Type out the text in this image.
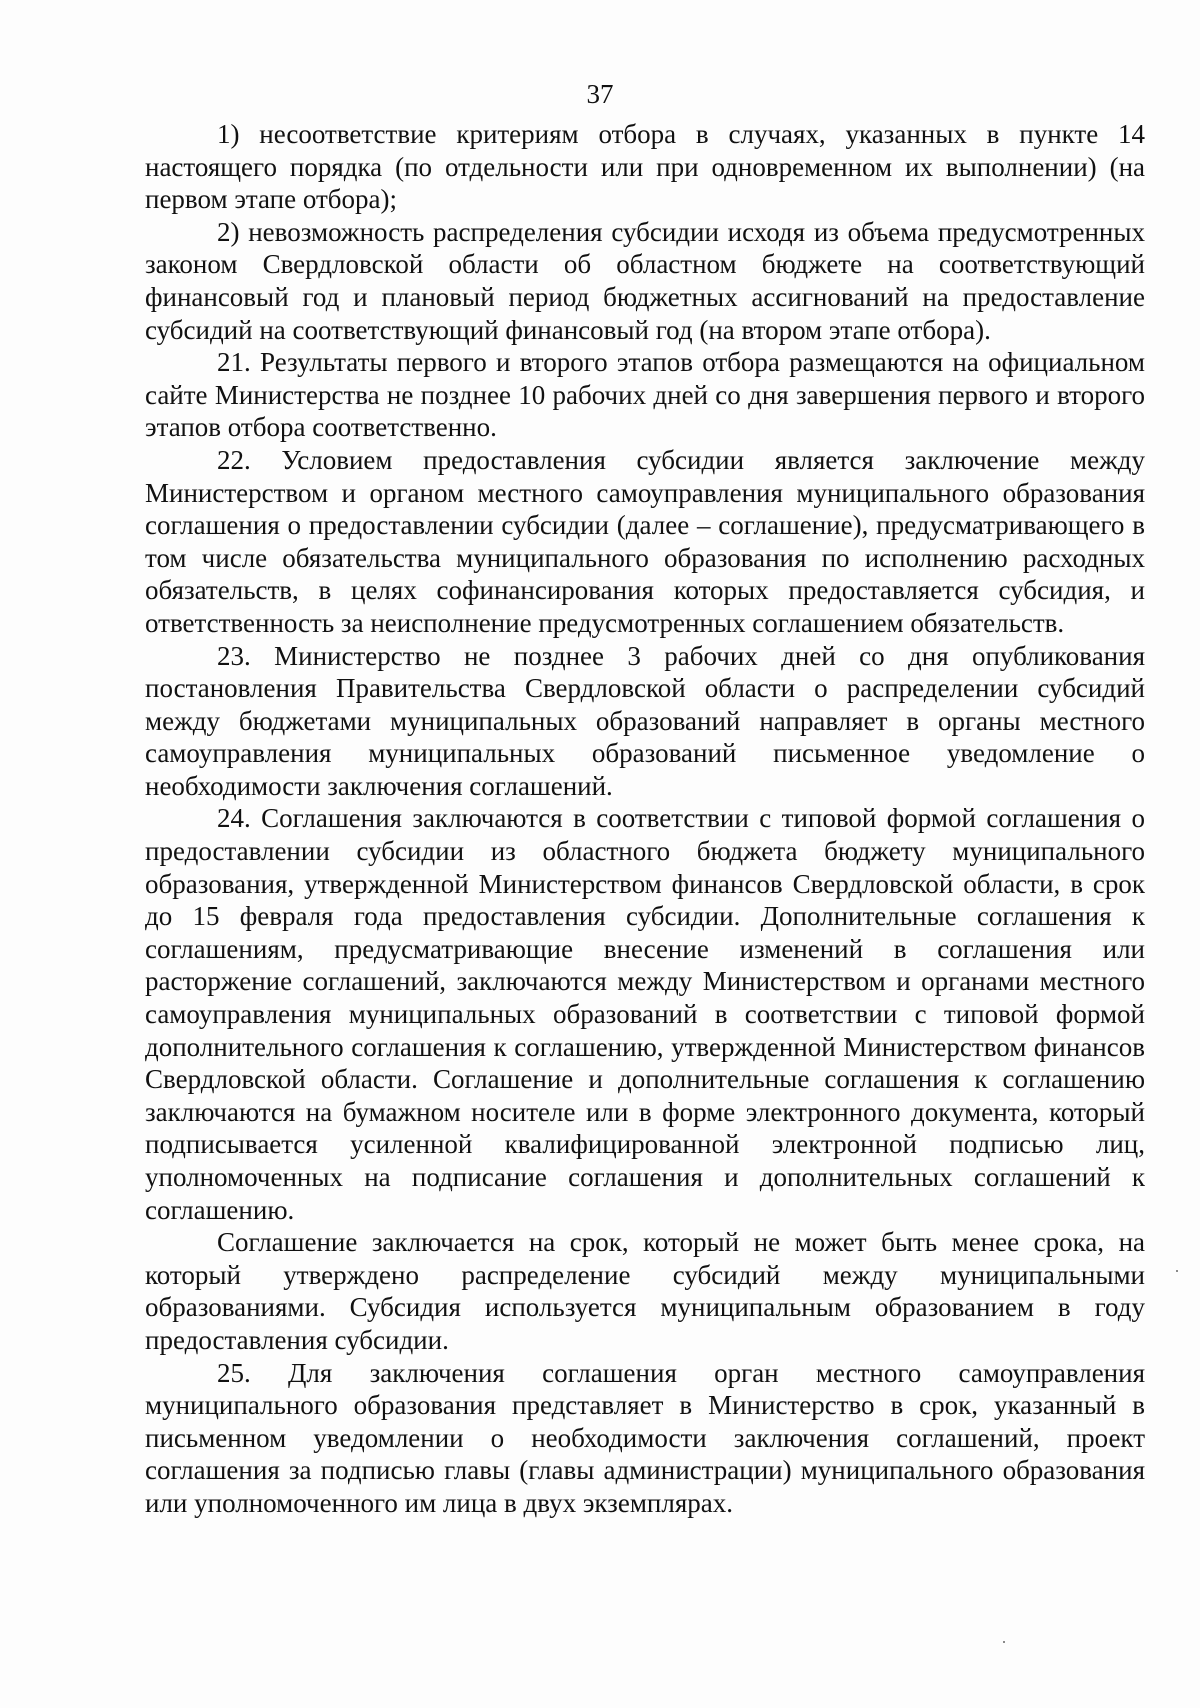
37

1) несоответствие критериям отбора в случаях, указанных в пункте 14 настоящего порядка (по отдельности или при одновременном их выполнении) (на первом этапе отбора);

2) невозможность распределения субсидии исходя из объема предусмотренных законом Свердловской области об областном бюджете на соответствующий финансовый год и плановый период бюджетных ассигнований на предоставление субсидий на соответствующий финансовый год (на втором этапе отбора).

21. Результаты первого и второго этапов отбора размещаются на официальном сайте Министерства не позднее 10 рабочих дней со дня завершения первого и второго этапов отбора соответственно.

22. Условием предоставления субсидии является заключение между Министерством и органом местного самоуправления муниципального образования соглашения о предоставлении субсидии (далее – соглашение), предусматривающего в том числе обязательства муниципального образования по исполнению расходных обязательств, в целях софинансирования которых предоставляется субсидия, и ответственность за неисполнение предусмотренных соглашением обязательств.

23. Министерство не позднее 3 рабочих дней со дня опубликования постановления Правительства Свердловской области о распределении субсидий между бюджетами муниципальных образований направляет в органы местного самоуправления муниципальных образований письменное уведомление о необходимости заключения соглашений.

24. Соглашения заключаются в соответствии с типовой формой соглашения о предоставлении субсидии из областного бюджета бюджету муниципального образования, утвержденной Министерством финансов Свердловской области, в срок до 15 февраля года предоставления субсидии. Дополнительные соглашения к соглашениям, предусматривающие внесение изменений в соглашения или расторжение соглашений, заключаются между Министерством и органами местного самоуправления муниципальных образований в соответствии с типовой формой дополнительного соглашения к соглашению, утвержденной Министерством финансов Свердловской области. Соглашение и дополнительные соглашения к соглашению заключаются на бумажном носителе или в форме электронного документа, который подписывается усиленной квалифицированной электронной подписью лиц, уполномоченных на подписание соглашения и дополнительных соглашений к соглашению.

Соглашение заключается на срок, который не может быть менее срока, на который утверждено распределение субсидий между муниципальными образованиями. Субсидия используется муниципальным образованием в году предоставления субсидии.

25. Для заключения соглашения орган местного самоуправления муниципального образования представляет в Министерство в срок, указанный в письменном уведомлении о необходимости заключения соглашений, проект соглашения за подписью главы (главы администрации) муниципального образования или уполномоченного им лица в двух экземплярах.
